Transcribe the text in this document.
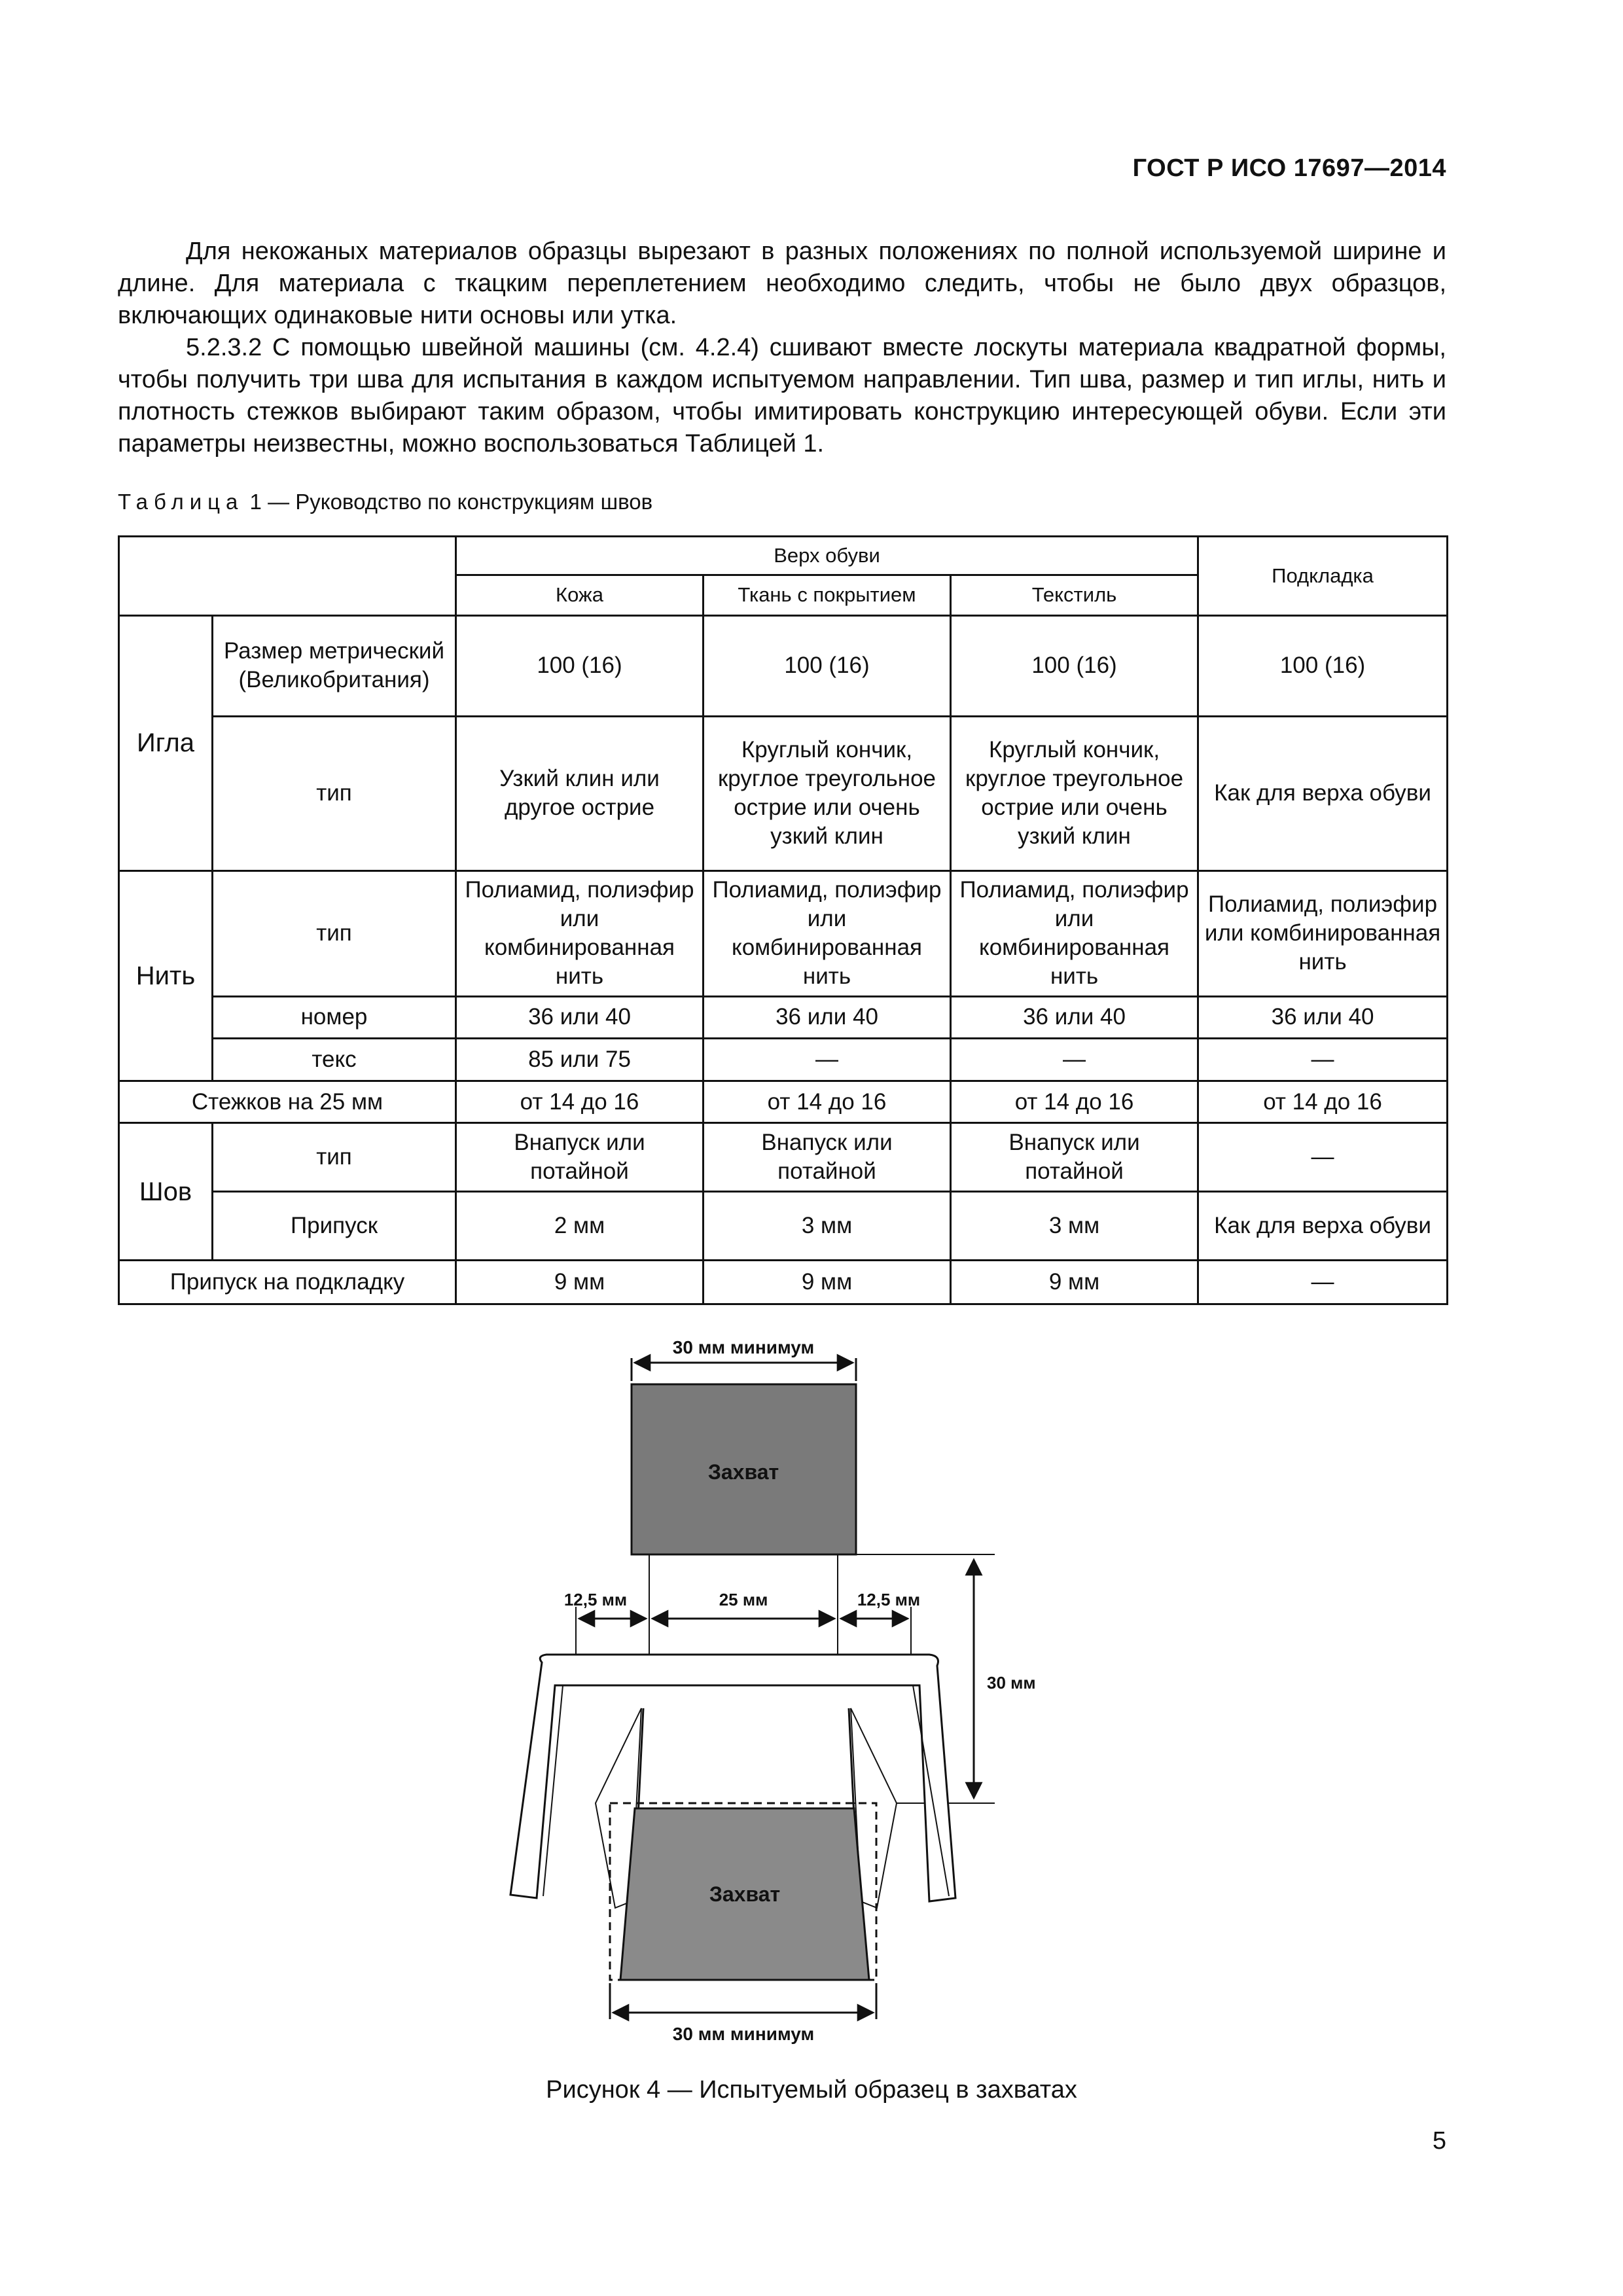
ГОСТ Р ИСО 17697—2014

Для некожаных материалов образцы вырезают в разных положениях по полной используемой ширине и длине. Для материала с ткацким переплетением необходимо следить, чтобы не было двух образцов, включающих одинаковые нити основы или утка.

5.2.3.2 С помощью швейной машины (см. 4.2.4) сшивают вместе лоскуты материала квадратной формы, чтобы получить три шва для испытания в каждом испытуемом направлении. Тип шва, размер и тип иглы, нить и плотность стежков выбирают таким образом, чтобы имитировать конструкцию интересующей обуви. Если эти параметры неизвестны, можно воспользоваться Таблицей 1.

Таблица 1 — Руководство по конструкциям швов
		Верх обуви			Подкладка
		Кожа	Ткань с покрытием	Текстиль	
Игла	Размер метрический (Великобритания)	100 (16)	100 (16)	100 (16)	100 (16)
	тип	Узкий клин или другое острие	Круглый кончик, круглое треугольное острие или очень узкий клин	Круглый кончик, круглое треугольное острие или очень узкий клин	Как для верха обуви
Нить	тип	Полиамид, полиэфир или комбинированная нить	Полиамид, полиэфир или комбинированная нить	Полиамид, полиэфир или комбинированная нить	Полиамид, полиэфир или комбинированная нить
	номер	36 или 40	36 или 40	36 или 40	36 или 40
	текс	85 или 75	—	—	—
Стежков на 25 мм		от 14 до 16	от 14 до 16	от 14 до 16	от 14 до 16
Шов	тип	Внапуск или потайной	Внапуск или потайной	Внапуск или потайной	—
	Припуск	2 мм	3 мм	3 мм	Как для верха обуви
Припуск на подкладку		9 мм	9 мм	9 мм	—
30 мм минимум
Захват
12,5 мм	25 мм	12,5 мм
30 мм
Захват
30 мм минимум
Рисунок 4 — Испытуемый образец в захватах
5
